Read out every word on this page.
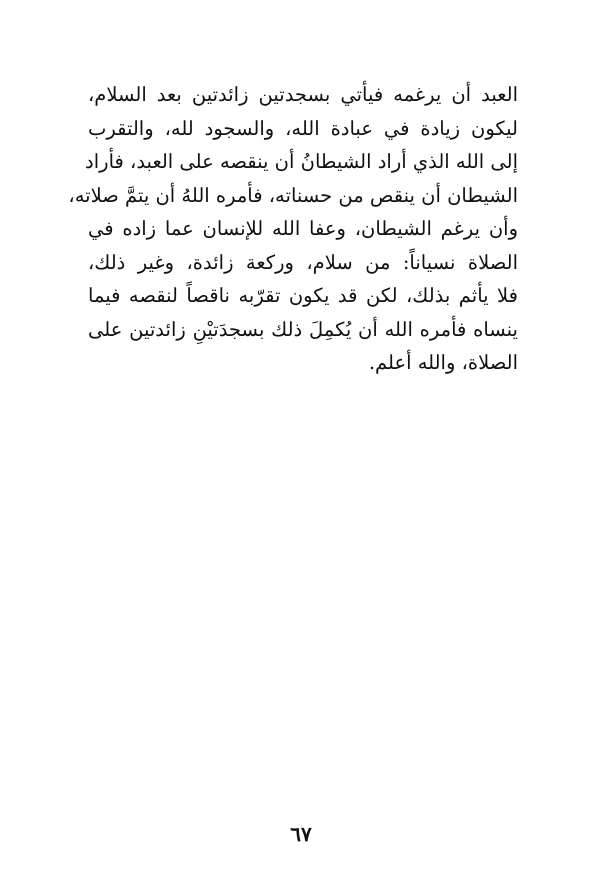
العبد أن يرغمه فيأتي بسجدتين زائدتين بعد السلام،
ليكون زيادة في عبادة الله، والسجود لله، والتقرب
إلى الله الذي أراد الشيطانُ أن ينقصه على العبد، فأراد
الشيطان أن ينقص من حسناته، فأمره اللهُ أن يتمَّ صلاته،
وأن يرغم الشيطان، وعفا الله للإنسان عما زاده في
الصلاة نسياناً: من سلام، وركعة زائدة، وغير ذلك،
فلا يأثم بذلك، لكن قد يكون تقرّبه ناقصاً لنقصه فيما
ينساه فأمره الله أن يُكمِلَ ذلك بسجدَتيْنِ زائدتين على
الصلاة، والله أعلم.
٦٧
